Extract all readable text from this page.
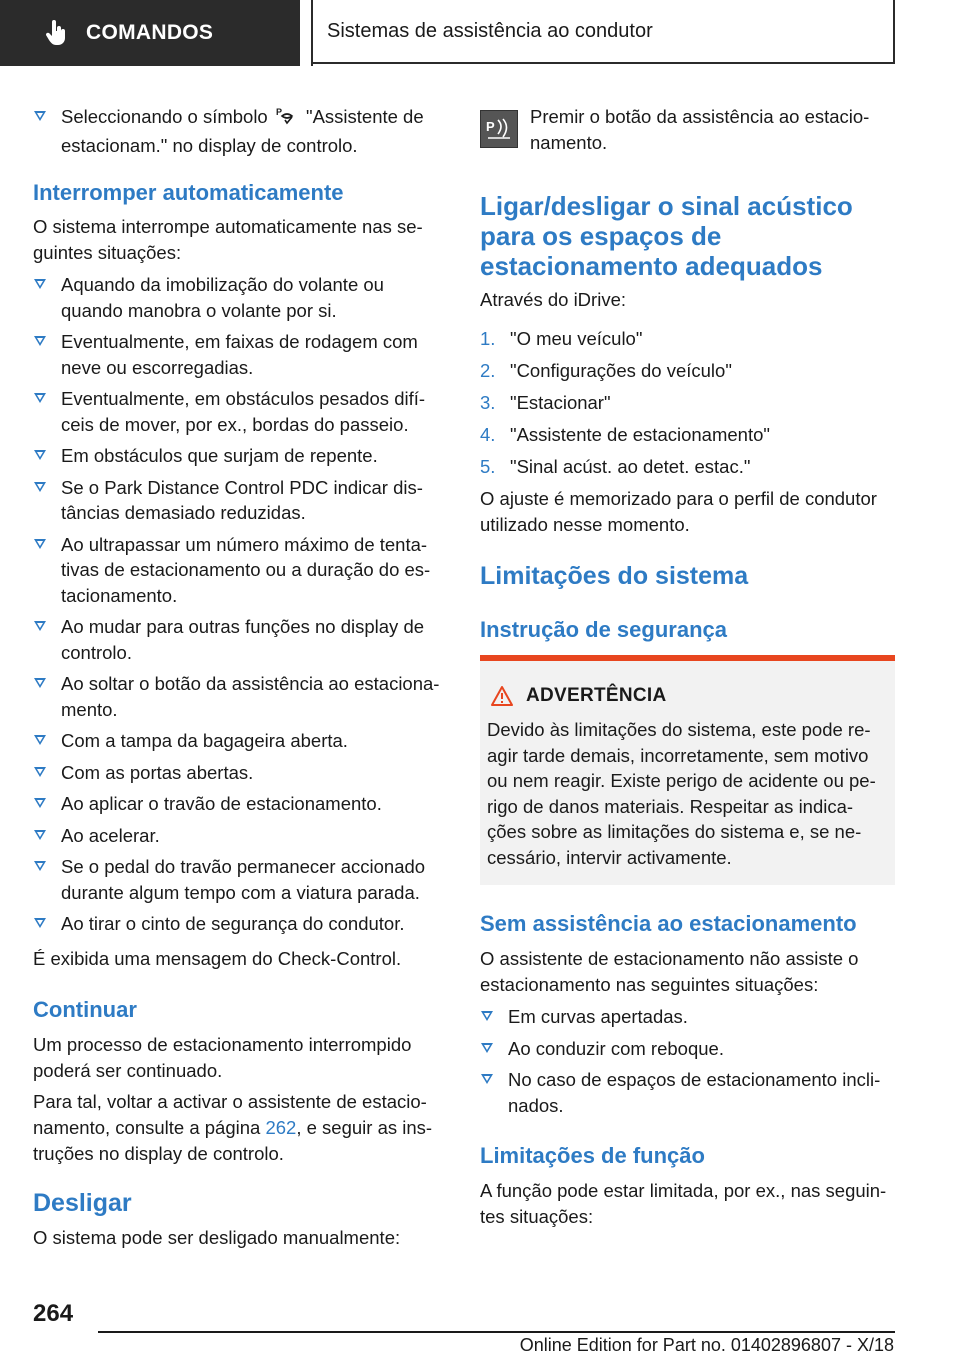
COMANDOS	Sistemas de assistência ao condutor
Seleccionando o símbolo P "Assistente de
estacionam." no display de controlo.
Interromper automaticamente
O sistema interrompe automaticamente nas se-
guintes situações:
Aquando da imobilização do volante ou
quando manobra o volante por si.
Eventualmente, em faixas de rodagem com
neve ou escorregadias.
Eventualmente, em obstáculos pesados difí-
ceis de mover, por ex., bordas do passeio.
Em obstáculos que surjam de repente.
Se o Park Distance Control PDC indicar dis-
tâncias demasiado reduzidas.
Ao ultrapassar um número máximo de tenta-
tivas de estacionamento ou a duração do es-
tacionamento.
Ao mudar para outras funções no display de
controlo.
Ao soltar o botão da assistência ao estaciona-
mento.
Com a tampa da bagageira aberta.
Com as portas abertas.
Ao aplicar o travão de estacionamento.
Ao acelerar.
Se o pedal do travão permanecer accionado
durante algum tempo com a viatura parada.
Ao tirar o cinto de segurança do condutor.
É exibida uma mensagem do Check-Control.
Continuar
Um processo de estacionamento interrompido
poderá ser continuado.
Para tal, voltar a activar o assistente de estacio-
namento, consulte a página 262, e seguir as ins-
truções no display de controlo.
Desligar
O sistema pode ser desligado manualmente:
P Premir o botão da assistência ao estacio-
namento.
Ligar/desligar o sinal acústico
para os espaços de
estacionamento adequados
Através do iDrive:
1. "O meu veículo"
2. "Configurações do veículo"
3. "Estacionar"
4. "Assistente de estacionamento"
5. "Sinal acúst. ao detet. estac."
O ajuste é memorizado para o perfil de condutor
utilizado nesse momento.
Limitações do sistema
Instrução de segurança
ADVERTÊNCIA
Devido às limitações do sistema, este pode re-
agir tarde demais, incorretamente, sem motivo
ou nem reagir. Existe perigo de acidente ou pe-
rigo de danos materiais. Respeitar as indica-
ções sobre as limitações do sistema e, se ne-
cessário, intervir activamente.
Sem assistência ao estacionamento
O assistente de estacionamento não assiste o
estacionamento nas seguintes situações:
Em curvas apertadas.
Ao conduzir com reboque.
No caso de espaços de estacionamento incli-
nados.
Limitações de função
A função pode estar limitada, por ex., nas seguin-
tes situações:
264
Online Edition for Part no. 01402896807 - X/18
